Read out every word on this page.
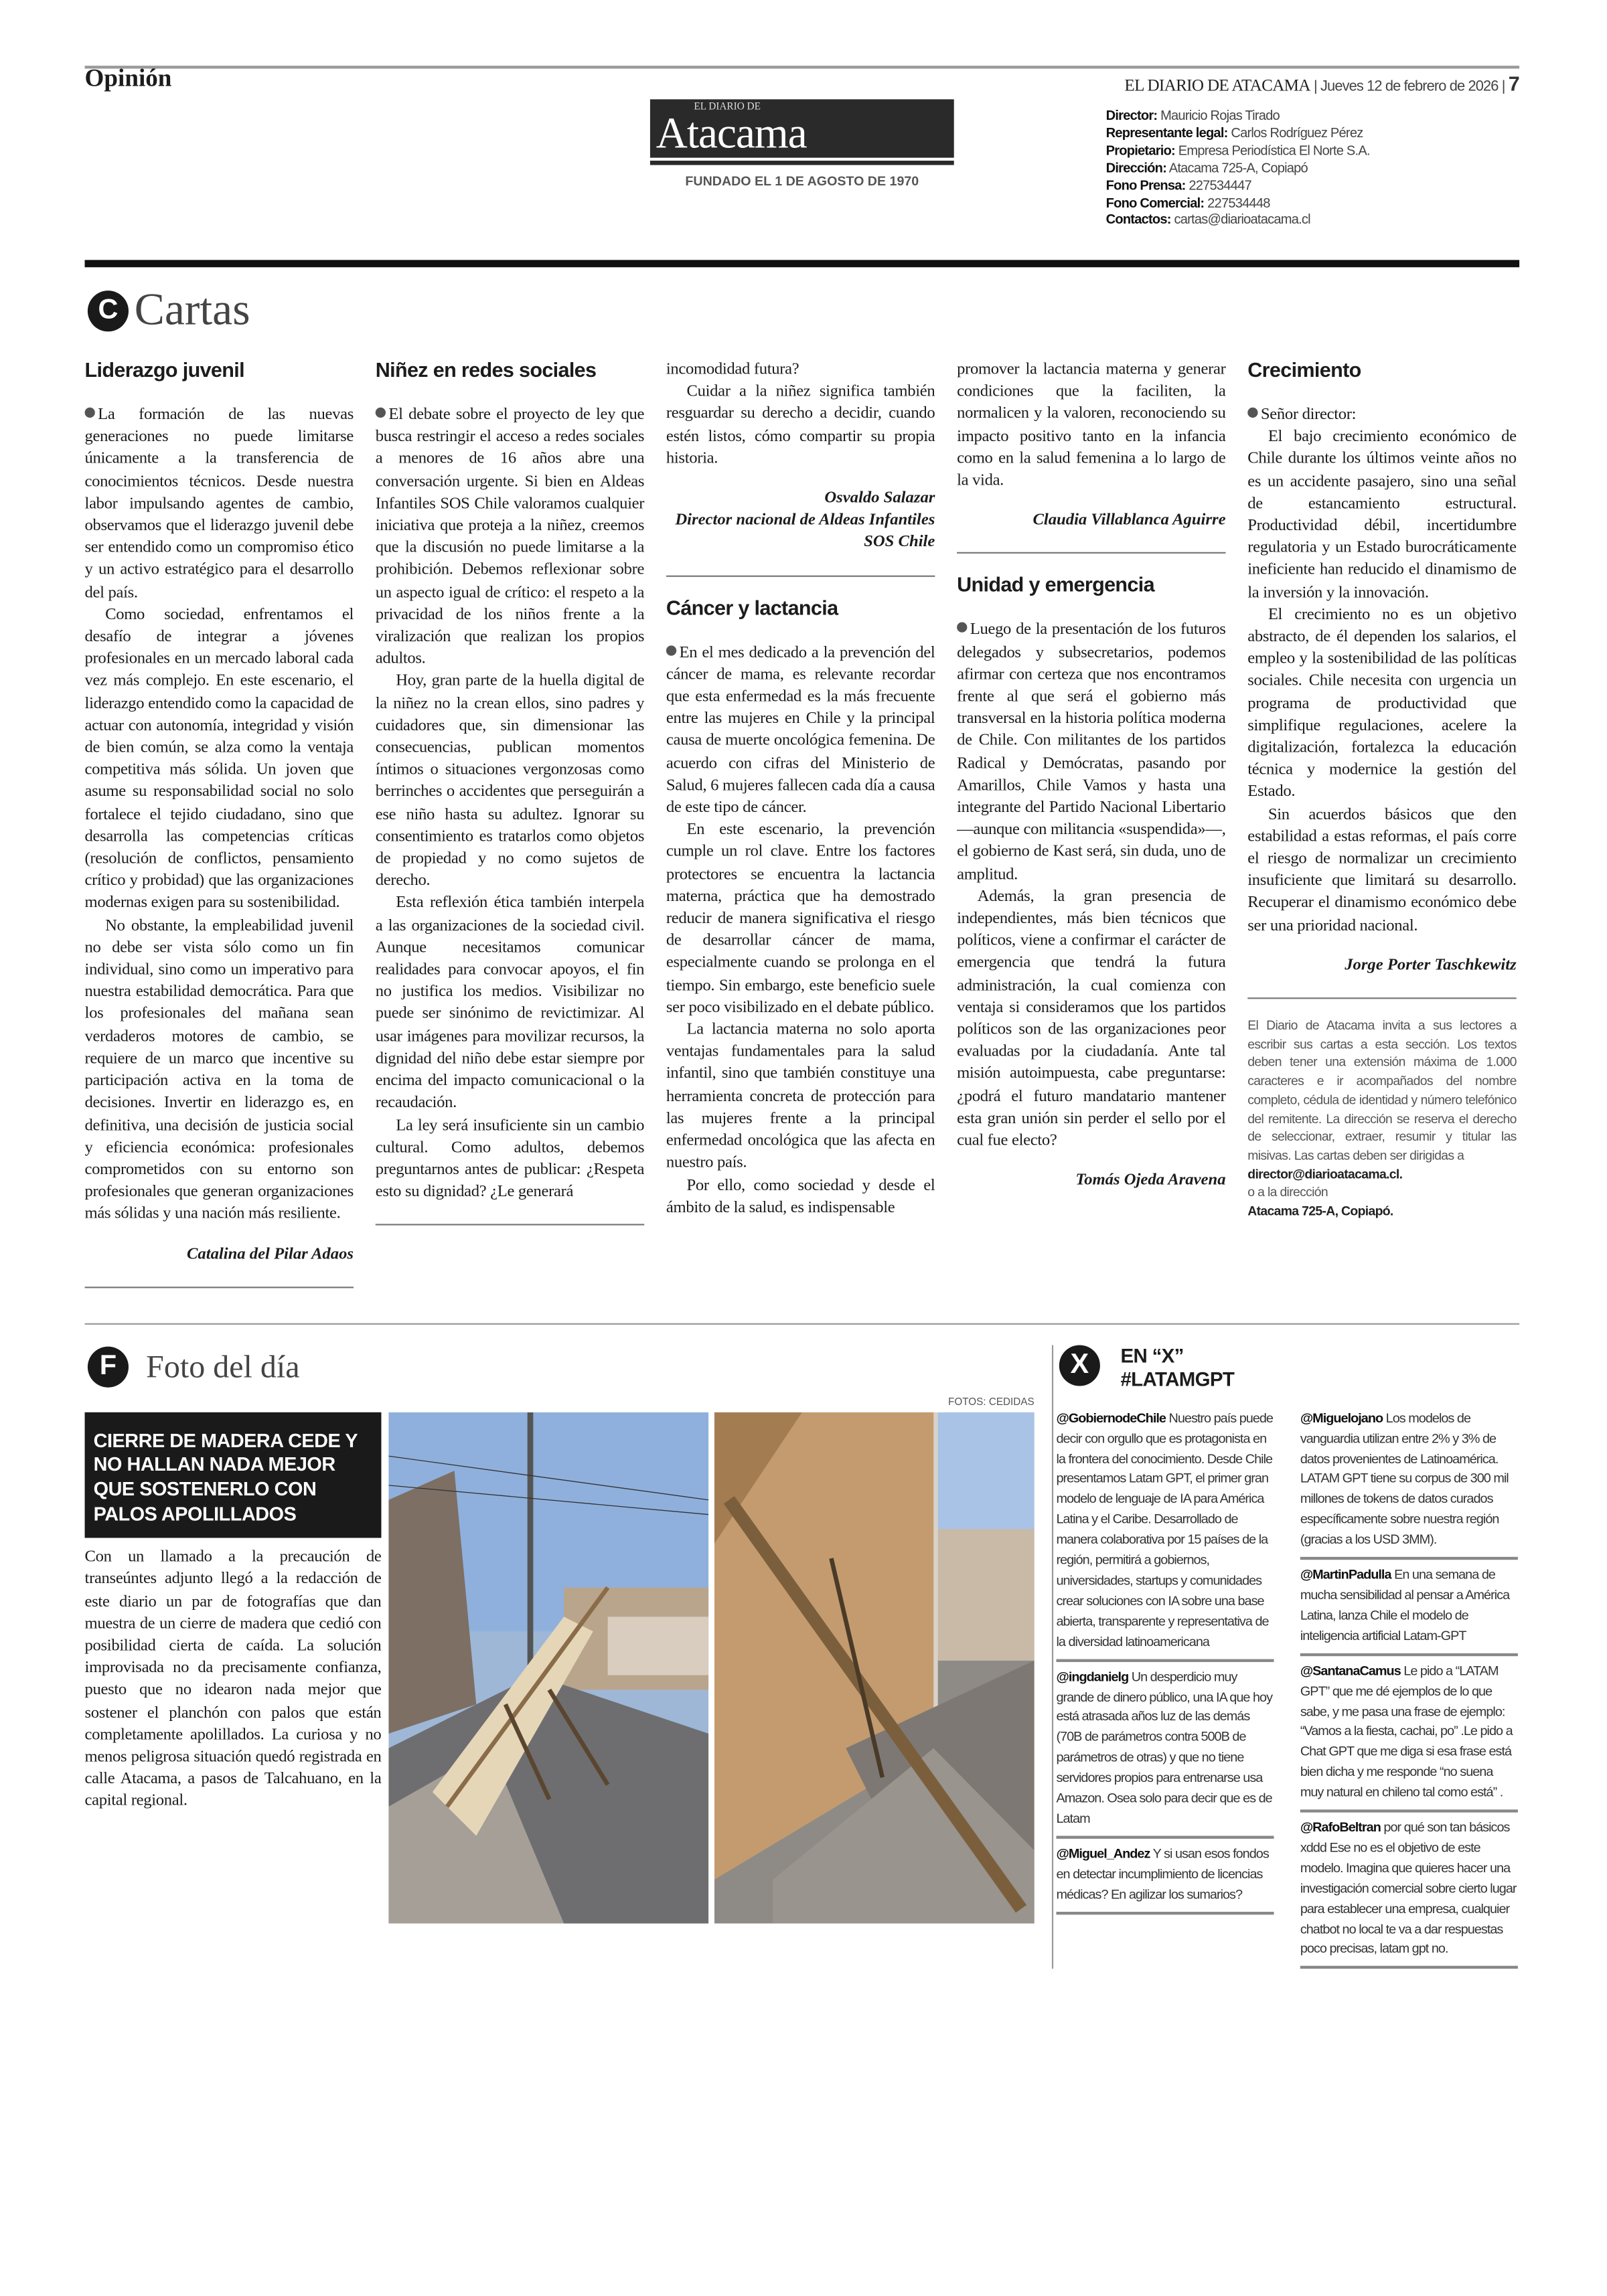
Opinión	EL DIARIO DE ATACAMA | Jueves 12 de febrero de 2026 | 7
EL DIARIO DE
Atacama
FUNDADO EL 1 DE AGOSTO DE 1970
Director: Mauricio Rojas Tirado
Representante legal: Carlos Rodríguez Pérez
Propietario: Empresa Periodística El Norte S.A.
Dirección: Atacama 725-A, Copiapó
Fono Prensa: 227534447
Fono Comercial: 227534448
Contactos: cartas@diarioatacama.cl
C Cartas
Liderazgo juvenil

La formación de las nuevas generaciones no puede limitarse únicamente a la transferencia de conocimientos técnicos. Desde nuestra labor impulsando agentes de cambio, observamos que el liderazgo juvenil debe ser entendido como un compromiso ético y un activo estratégico para el desarrollo del país.

Como sociedad, enfrentamos el desafío de integrar a jóvenes profesionales en un mercado laboral cada vez más complejo. En este escenario, el liderazgo entendido como la capacidad de actuar con autonomía, integridad y visión de bien común, se alza como la ventaja competitiva más sólida. Un joven que asume su responsabilidad social no solo fortalece el tejido ciudadano, sino que desarrolla las competencias críticas (resolución de conflictos, pensamiento crítico y probidad) que las organizaciones modernas exigen para su sostenibilidad.

No obstante, la empleabilidad juvenil no debe ser vista sólo como un fin individual, sino como un imperativo para nuestra estabilidad democrática. Para que los profesionales del mañana sean verdaderos motores de cambio, se requiere de un marco que incentive su participación activa en la toma de decisiones. Invertir en liderazgo es, en definitiva, una decisión de justicia social y eficiencia económica: profesionales comprometidos con su entorno son profesionales que generan organizaciones más sólidas y una nación más resiliente.

Catalina del Pilar Adaos
Niñez en redes sociales

El debate sobre el proyecto de ley que busca restringir el acceso a redes sociales a menores de 16 años abre una conversación urgente. Si bien en Aldeas Infantiles SOS Chile valoramos cualquier iniciativa que proteja a la niñez, creemos que la discusión no puede limitarse a la prohibición. Debemos reflexionar sobre un aspecto igual de crítico: el respeto a la privacidad de los niños frente a la viralización que realizan los propios adultos.

Hoy, gran parte de la huella digital de la niñez no la crean ellos, sino padres y cuidadores que, sin dimensionar las consecuencias, publican momentos íntimos o situaciones vergonzosas como berrinches o accidentes que perseguirán a ese niño hasta su adultez. Ignorar su consentimiento es tratarlos como objetos de propiedad y no como sujetos de derecho.

Esta reflexión ética también interpela a las organizaciones de la sociedad civil. Aunque necesitamos comunicar realidades para convocar apoyos, el fin no justifica los medios. Visibilizar no puede ser sinónimo de revictimizar. Al usar imágenes para movilizar recursos, la dignidad del niño debe estar siempre por encima del impacto comunicacional o la recaudación.

La ley será insuficiente sin un cambio cultural. Como adultos, debemos preguntarnos antes de publicar: ¿Respeta esto su dignidad? ¿Le generará

incomodidad futura?

Cuidar a la niñez significa también resguardar su derecho a decidir, cuando estén listos, cómo compartir su propia historia.

Osvaldo Salazar
Director nacional de Aldeas Infantiles SOS Chile
Cáncer y lactancia

En el mes dedicado a la prevención del cáncer de mama, es relevante recordar que esta enfermedad es la más frecuente entre las mujeres en Chile y la principal causa de muerte oncológica femenina. De acuerdo con cifras del Ministerio de Salud, 6 mujeres fallecen cada día a causa de este tipo de cáncer.

En este escenario, la prevención cumple un rol clave. Entre los factores protectores se encuentra la lactancia materna, práctica que ha demostrado reducir de manera significativa el riesgo de desarrollar cáncer de mama, especialmente cuando se prolonga en el tiempo. Sin embargo, este beneficio suele ser poco visibilizado en el debate público.

La lactancia materna no solo aporta ventajas fundamentales para la salud infantil, sino que también constituye una herramienta concreta de protección para las mujeres frente a la principal enfermedad oncológica que las afecta en nuestro país.

Por ello, como sociedad y desde el ámbito de la salud, es indispensable

promover la lactancia materna y generar condiciones que la faciliten, la normalicen y la valoren, reconociendo su impacto positivo tanto en la infancia como en la salud femenina a lo largo de la vida.

Claudia Villablanca Aguirre
Unidad y emergencia

Luego de la presentación de los futuros delegados y subsecretarios, podemos afirmar con certeza que nos encontramos frente al que será el gobierno más transversal en la historia política moderna de Chile. Con militantes de los partidos Radical y Demócratas, pasando por Amarillos, Chile Vamos y hasta una integrante del Partido Nacional Libertario —aunque con militancia «suspendida»—, el gobierno de Kast será, sin duda, uno de amplitud.

Además, la gran presencia de independientes, más bien técnicos que políticos, viene a confirmar el carácter de emergencia que tendrá la futura administración, la cual comienza con ventaja si consideramos que los partidos políticos son de las organizaciones peor evaluadas por la ciudadanía. Ante tal misión autoimpuesta, cabe preguntarse: ¿podrá el futuro mandatario mantener esta gran unión sin perder el sello por el cual fue electo?

Tomás Ojeda Aravena
Crecimiento

Señor director:

El bajo crecimiento económico de Chile durante los últimos veinte años no es un accidente pasajero, sino una señal de estancamiento estructural. Productividad débil, incertidumbre regulatoria y un Estado burocráticamente ineficiente han reducido el dinamismo de la inversión y la innovación.

El crecimiento no es un objetivo abstracto, de él dependen los salarios, el empleo y la sostenibilidad de las políticas sociales. Chile necesita con urgencia un programa de productividad que simplifique regulaciones, acelere la digitalización, fortalezca la educación técnica y modernice la gestión del Estado.

Sin acuerdos básicos que den estabilidad a estas reformas, el país corre el riesgo de normalizar un crecimiento insuficiente que limitará su desarrollo. Recuperar el dinamismo económico debe ser una prioridad nacional.

Jorge Porter Taschkewitz
El Diario de Atacama invita a sus lectores a escribir sus cartas a esta sección. Los textos deben tener una extensión máxima de 1.000 caracteres e ir acompañados del nombre completo, cédula de identidad y número telefónico del remitente. La dirección se reserva el derecho de seleccionar, extraer, resumir y titular las misivas. Las cartas deben ser dirigidas a
director@diarioatacama.cl.
o a la dirección
Atacama 725-A, Copiapó.
F	Foto del día
CIERRE DE MADERA CEDE Y NO HALLAN NADA MEJOR QUE SOSTENERLO CON PALOS APOLILLADOS

Con un llamado a la precaución de transeúntes adjunto llegó a la redacción de este diario un par de fotografías que dan muestra de un cierre de madera que cedió con posibilidad cierta de caída. La solución improvisada no da precisamente confianza, puesto que no idearon nada mejor que sostener el planchón con palos que están completamente apolillados. La curiosa y no menos peligrosa situación quedó registrada en calle Atacama, a pasos de Talcahuano, en la capital regional.

FOTOS: CEDIDAS
X	EN “X”
#LATAMGPT
@GobiernodeChile Nuestro país puede decir con orgullo que es protagonista en la frontera del conocimiento. Desde Chile presentamos Latam GPT, el primer gran modelo de lenguaje de IA para América Latina y el Caribe. Desarrollado de manera colaborativa por 15 países de la región, permitirá a gobiernos, universidades, startups y comunidades crear soluciones con IA sobre una base abierta, transparente y representativa de la diversidad latinoamericana
@ingdanielg Un desperdicio muy grande de dinero público, una IA que hoy está atrasada años luz de las demás (70B de parámetros contra 500B de parámetros de otras) y que no tiene servidores propios para entrenarse usa Amazon. Osea solo para decir que es de Latam
@Miguel_Andez Y si usan esos fondos en detectar incumplimiento de licencias médicas? En agilizar los sumarios?
@Miguelojano Los modelos de vanguardia utilizan entre 2% y 3% de datos provenientes de Latinoamérica. LATAM GPT tiene su corpus de 300 mil millones de tokens de datos curados específicamente sobre nuestra región (gracias a los USD 3MM).
@MartinPadulla En una semana de mucha sensibilidad al pensar a América Latina, lanza Chile el modelo de inteligencia artificial Latam-GPT
@SantanaCamus Le pido a “LATAM GPT” que me dé ejemplos de lo que sabe, y me pasa una frase de ejemplo: “Vamos a la fiesta, cachai, po” .Le pido a Chat GPT que me diga si esa frase está bien dicha y me responde “no suena muy natural en chileno tal como está” .
@RafoBeltran por qué son tan básicos xddd Ese no es el objetivo de este modelo. Imagina que quieres hacer una investigación comercial sobre cierto lugar para establecer una empresa, cualquier chatbot no local te va a dar respuestas poco precisas, latam gpt no.
